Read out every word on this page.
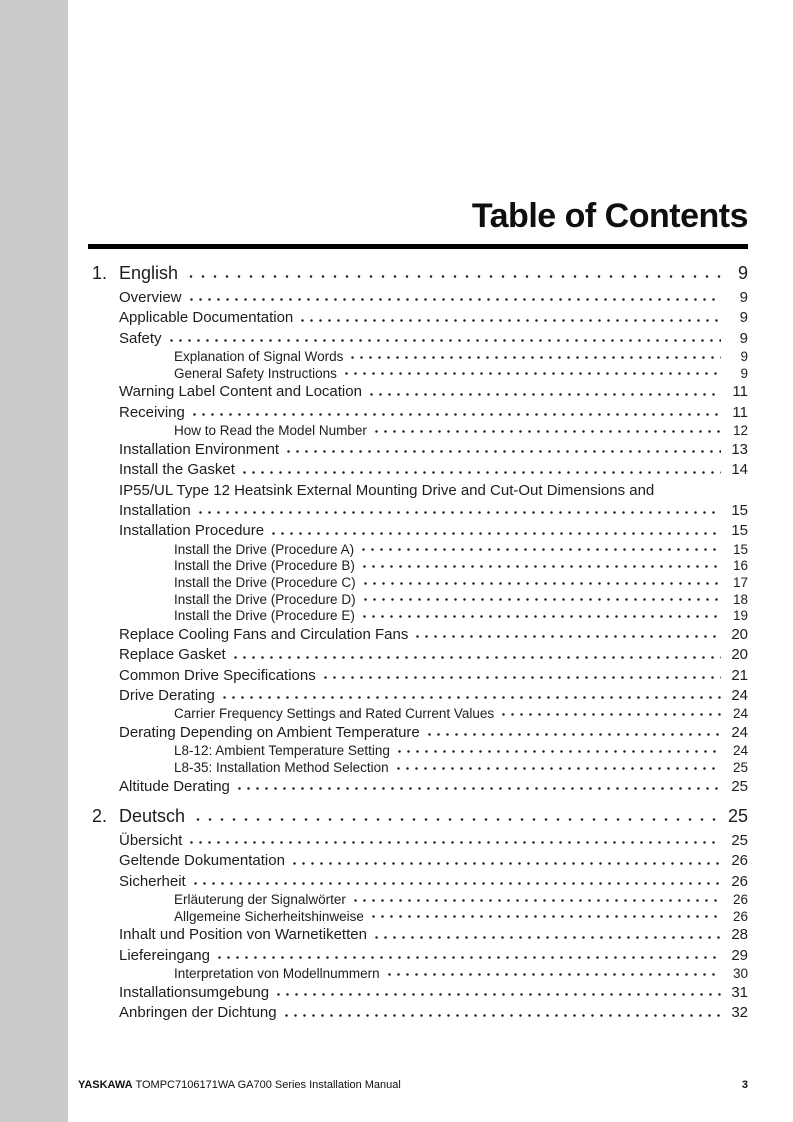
Table of Contents
1. English	9
Overview	9
Applicable Documentation	9
Safety	9
Explanation of Signal Words	9
General Safety Instructions	9
Warning Label Content and Location	11
Receiving	11
How to Read the Model Number	12
Installation Environment	13
Install the Gasket	14
IP55/UL Type 12 Heatsink External Mounting Drive and Cut-Out Dimensions and
Installation	15
Installation Procedure	15
Install the Drive (Procedure A)	15
Install the Drive (Procedure B)	16
Install the Drive (Procedure C)	17
Install the Drive (Procedure D)	18
Install the Drive (Procedure E)	19
Replace Cooling Fans and Circulation Fans	20
Replace Gasket	20
Common Drive Specifications	21
Drive Derating	24
Carrier Frequency Settings and Rated Current Values	24
Derating Depending on Ambient Temperature	24
L8-12: Ambient Temperature Setting	24
L8-35: Installation Method Selection	25
Altitude Derating	25
2. Deutsch	25
Übersicht	25
Geltende Dokumentation	26
Sicherheit	26
Erläuterung der Signalwörter	26
Allgemeine Sicherheitshinweise	26
Inhalt und Position von Warnetiketten	28
Liefereingang	29
Interpretation von Modellnummern	30
Installationsumgebung	31
Anbringen der Dichtung	32
YASKAWA TOMPC7106171WA GA700 Series Installation Manual	3
